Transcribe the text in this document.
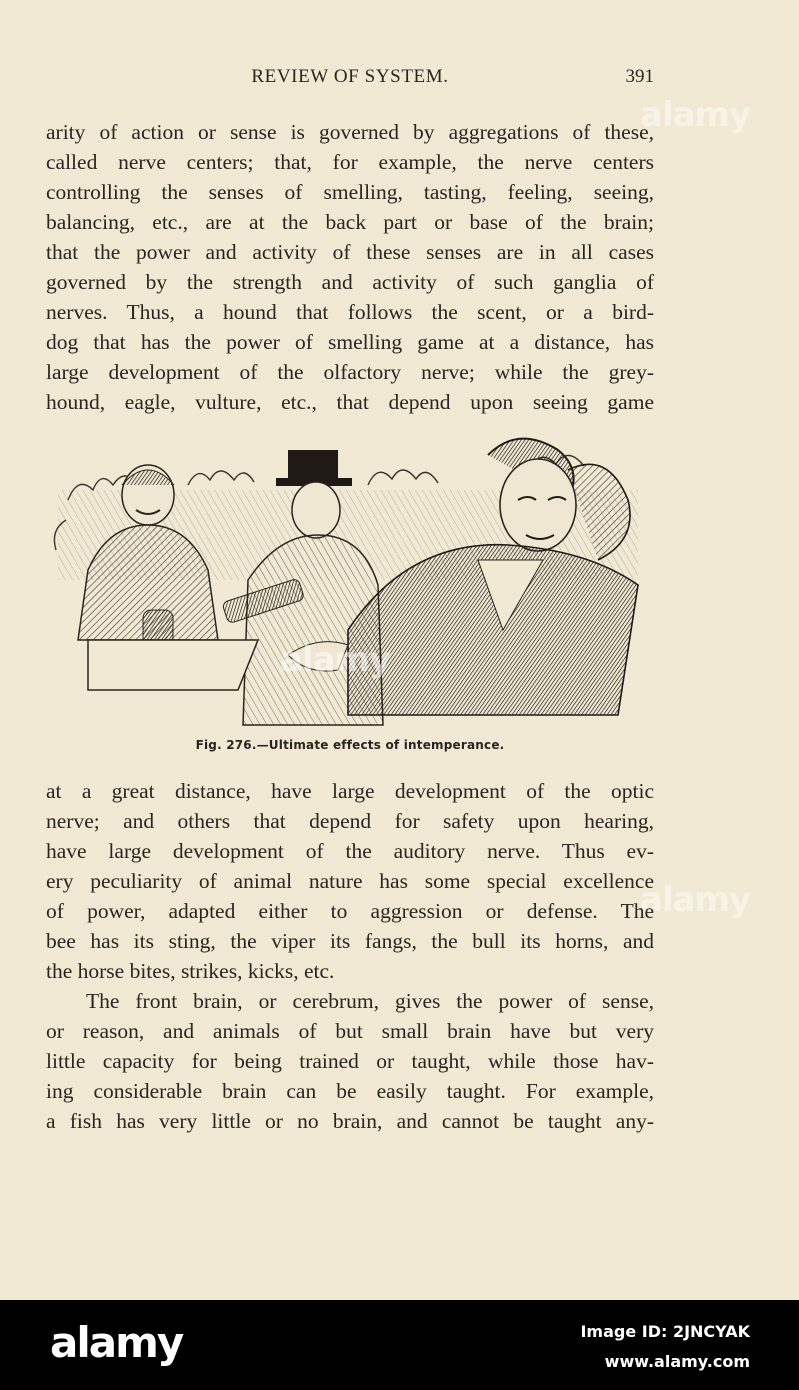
REVIEW OF SYSTEM.	391
arity of action or sense is governed by aggregations of these,
called nerve centers; that, for example, the nerve centers
controlling the senses of smelling, tasting, feeling, seeing,
balancing, etc., are at the back part or base of the brain;
that the power and activity of these senses are in all cases
governed by the strength and activity of such ganglia of
nerves. Thus, a hound that follows the scent, or a bird-
dog that has the power of smelling game at a distance, has
large development of the olfactory nerve; while the grey-
hound, eagle, vulture, etc., that depend upon seeing game
alamy
alamy
alamy
Fig. 276.—Ultimate effects of intemperance.
at a great distance, have large development of the optic
nerve; and others that depend for safety upon hearing,
have large development of the auditory nerve. Thus ev-
ery peculiarity of animal nature has some special excellence
of power, adapted either to aggression or defense. The
bee has its sting, the viper its fangs, the bull its horns, and
the horse bites, strikes, kicks, etc.
The front brain, or cerebrum, gives the power of sense,
or reason, and animals of but small brain have but very
little capacity for being trained or taught, while those hav-
ing considerable brain can be easily taught. For example,
a fish has very little or no brain, and cannot be taught any-
alamy	Image ID: 2JNCYAK
www.alamy.com
